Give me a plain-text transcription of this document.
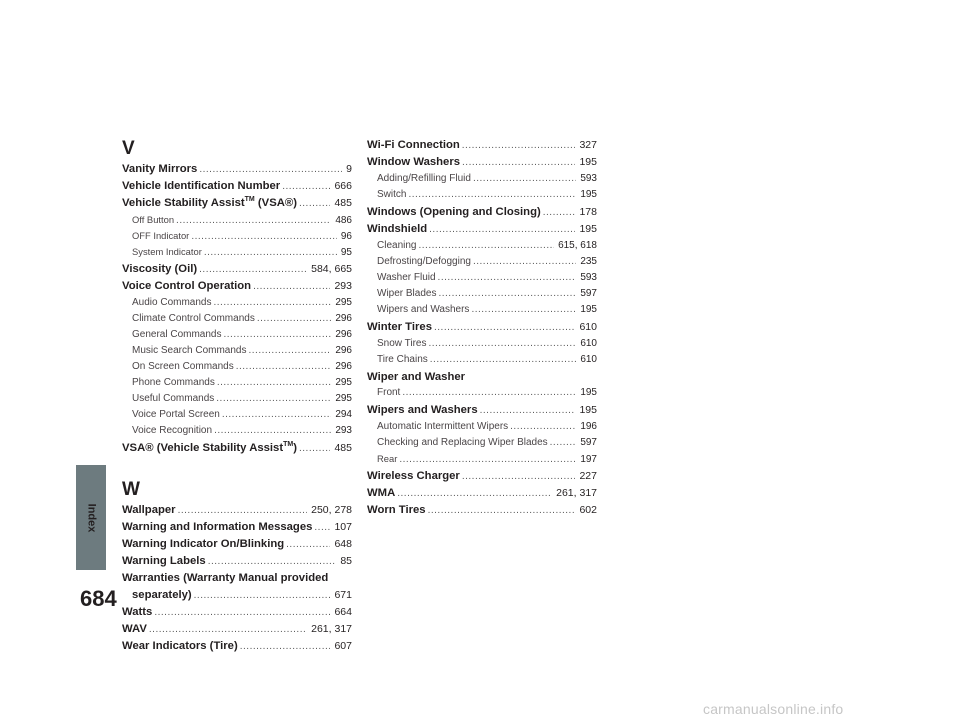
Index
684
V
Vanity Mirrors .....	9
Vehicle Identification Number .....	666
Vehicle Stability Assist™ (VSA®) .....	485
Off Button .....	486
OFF Indicator .....	96
System Indicator .....	95
Viscosity (Oil) .....	584, 665
Voice Control Operation .....	293
Audio Commands .....	295
Climate Control Commands .....	296
General Commands .....	296
Music Search Commands .....	296
On Screen Commands .....	296
Phone Commands .....	295
Useful Commands .....	295
Voice Portal Screen .....	294
Voice Recognition .....	293
VSA® (Vehicle Stability Assist™) .....	485
W
Wallpaper .....	250, 278
Warning and Information Messages ..... 107
Warning Indicator On/Blinking .....	648
Warning Labels .....	85
Warranties (Warranty Manual provided
separately) .....	671
Watts .....	664
WAV .....	261, 317
Wear Indicators (Tire) .....	607
Wi-Fi Connection .....	327
Window Washers .....	195
Adding/Refilling Fluid .....	593
Switch .....	195
Windows (Opening and Closing) .....	178
Windshield .....	195
Cleaning .....	615, 618
Defrosting/Defogging .....	235
Washer Fluid .....	593
Wiper Blades .....	597
Wipers and Washers .....	195
Winter Tires .....	610
Snow Tires .....	610
Tire Chains .....	610
Wiper and Washer
Front .....	195
Wipers and Washers .....	195
Automatic Intermittent Wipers .....	196
Checking and Replacing Wiper Blades .....	597
Rear .....	197
Wireless Charger .....	227
WMA .....	261, 317
Worn Tires .....	602
carmanualsonline.info
